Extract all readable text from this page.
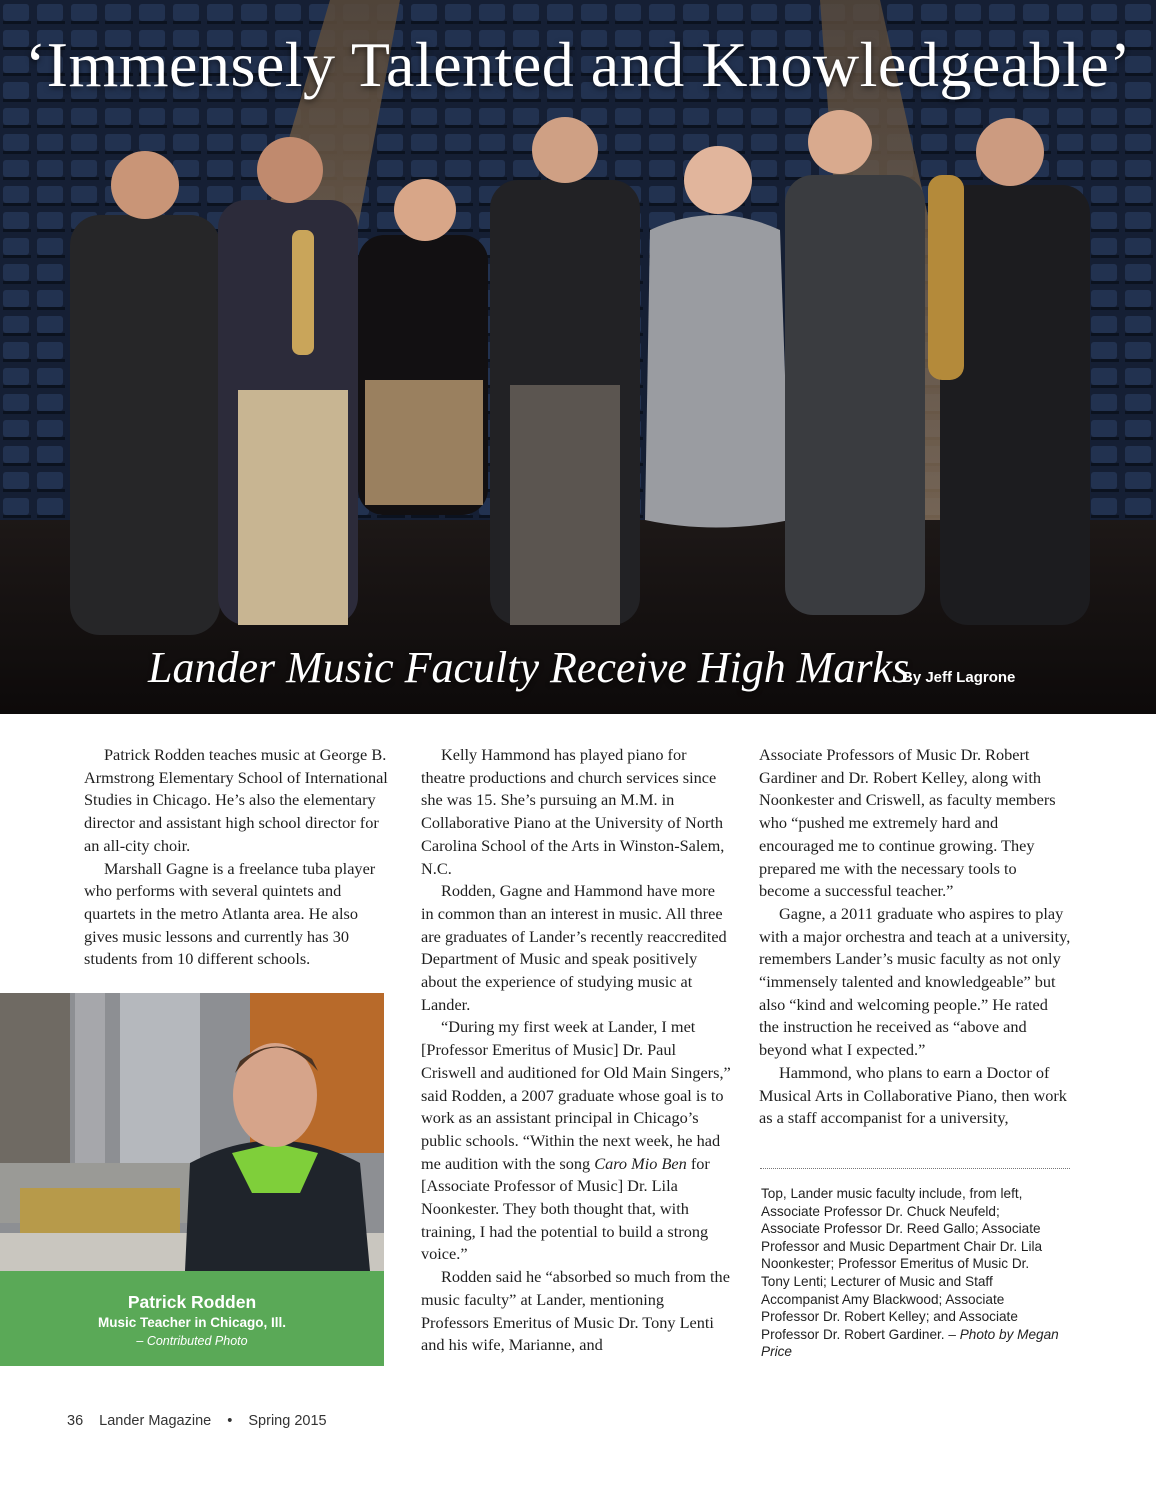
‘Immensely Talented and Knowledgeable’
Lander Music Faculty Receive High Marks
By Jeff Lagrone

Patrick Rodden teaches music at George B. Armstrong Elementary School of International Studies in Chicago. He’s also the elementary director and assistant high school director for an all-city choir.

Marshall Gagne is a freelance tuba player who performs with several quintets and quartets in the metro Atlanta area. He also gives music lessons and currently has 30 students from 10 different schools.

Kelly Hammond has played piano for theatre productions and church services since she was 15. She’s pursuing an M.M. in Collaborative Piano at the University of North Carolina School of the Arts in Winston-Salem, N.C.

Rodden, Gagne and Hammond have more in common than an interest in music. All three are graduates of Lander’s recently reaccredited Department of Music and speak positively about the experience of studying music at Lander.

“During my first week at Lander, I met [Professor Emeritus of Music] Dr. Paul Criswell and auditioned for Old Main Singers,” said Rodden, a 2007 graduate whose goal is to work as an assistant principal in Chicago’s public schools. “Within the next week, he had me audition with the song Caro Mio Ben for [Associate Professor of Music] Dr. Lila Noonkester. They both thought that, with training, I had the potential to build a strong voice.”

Rodden said he “absorbed so much from the music faculty” at Lander, mentioning Professors Emeritus of Music Dr. Tony Lenti and his wife, Marianne, and

Associate Professors of Music Dr. Robert Gardiner and Dr. Robert Kelley, along with Noonkester and Criswell, as faculty members who “pushed me extremely hard and encouraged me to continue growing. They prepared me with the necessary tools to become a successful teacher.”

Gagne, a 2011 graduate who aspires to play with a major orchestra and teach at a university, remembers Lander’s music faculty as not only “immensely talented and knowledgeable” but also “kind and welcoming people.” He rated the instruction he received as “above and beyond what I expected.”

Hammond, who plans to earn a Doctor of Musical Arts in Collaborative Piano, then work as a staff accompanist for a university,

Patrick Rodden
Music Teacher in Chicago, Ill.
– Contributed Photo
Top, Lander music faculty include, from left, Associate Professor Dr. Chuck Neufeld; Associate Professor Dr. Reed Gallo; Associate Professor and Music Department Chair Dr. Lila Noonkester; Professor Emeritus of Music Dr. Tony Lenti; Lecturer of Music and Staff Accompanist Amy Blackwood; Associate Professor Dr. Robert Kelley; and Associate Professor Dr. Robert Gardiner. – Photo by Megan Price
36 Lander Magazine • Spring 2015
